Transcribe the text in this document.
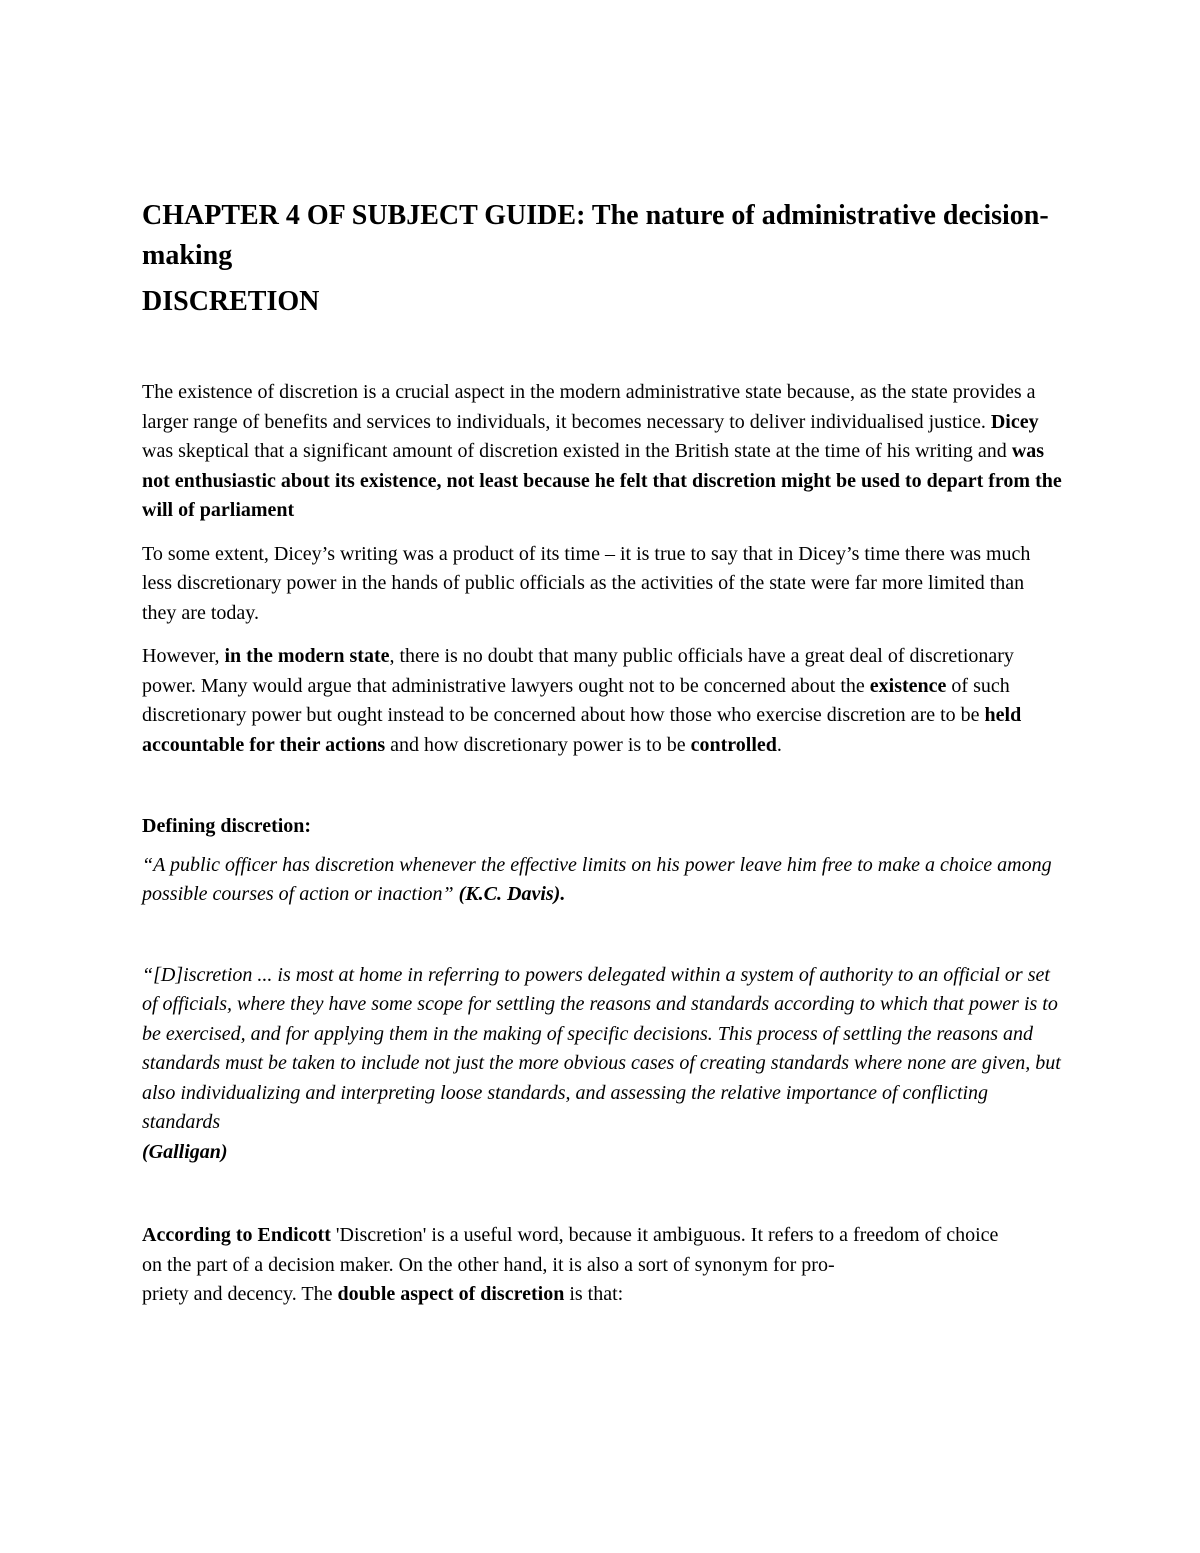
CHAPTER 4 OF SUBJECT GUIDE: The nature of administrative decision-making
DISCRETION

The existence of discretion is a crucial aspect in the modern administrative state because, as the state provides a larger range of benefits and services to individuals, it becomes necessary to deliver individualised justice. Dicey was skeptical that a significant amount of discretion existed in the British state at the time of his writing and was not enthusiastic about its existence, not least because he felt that discretion might be used to depart from the will of parliament

To some extent, Dicey’s writing was a product of its time – it is true to say that in Dicey’s time there was much less discretionary power in the hands of public officials as the activities of the state were far more limited than they are today.

However, in the modern state, there is no doubt that many public officials have a great deal of discretionary power. Many would argue that administrative lawyers ought not to be concerned about the existence of such discretionary power but ought instead to be concerned about how those who exercise discretion are to be held accountable for their actions and how discretionary power is to be controlled.

Defining discretion:

“A public officer has discretion whenever the effective limits on his power leave him free to make a choice among possible courses of action or inaction” (K.C. Davis).

“[D]iscretion ... is most at home in referring to powers delegated within a system of authority to an official or set of officials, where they have some scope for settling the reasons and standards according to which that power is to be exercised, and for applying them in the making of specific decisions. This process of settling the reasons and standards must be taken to include not just the more obvious cases of creating standards where none are given, but also individualizing and interpreting loose standards, and assessing the relative importance of conflicting standards
(Galligan)

According to Endicott 'Discretion' is a useful word, because it ambiguous. It refers to a freedom of choice
on the part of a decision maker. On the other hand, it is also a sort of synonym for pro-
priety and decency. The double aspect of discretion is that:
